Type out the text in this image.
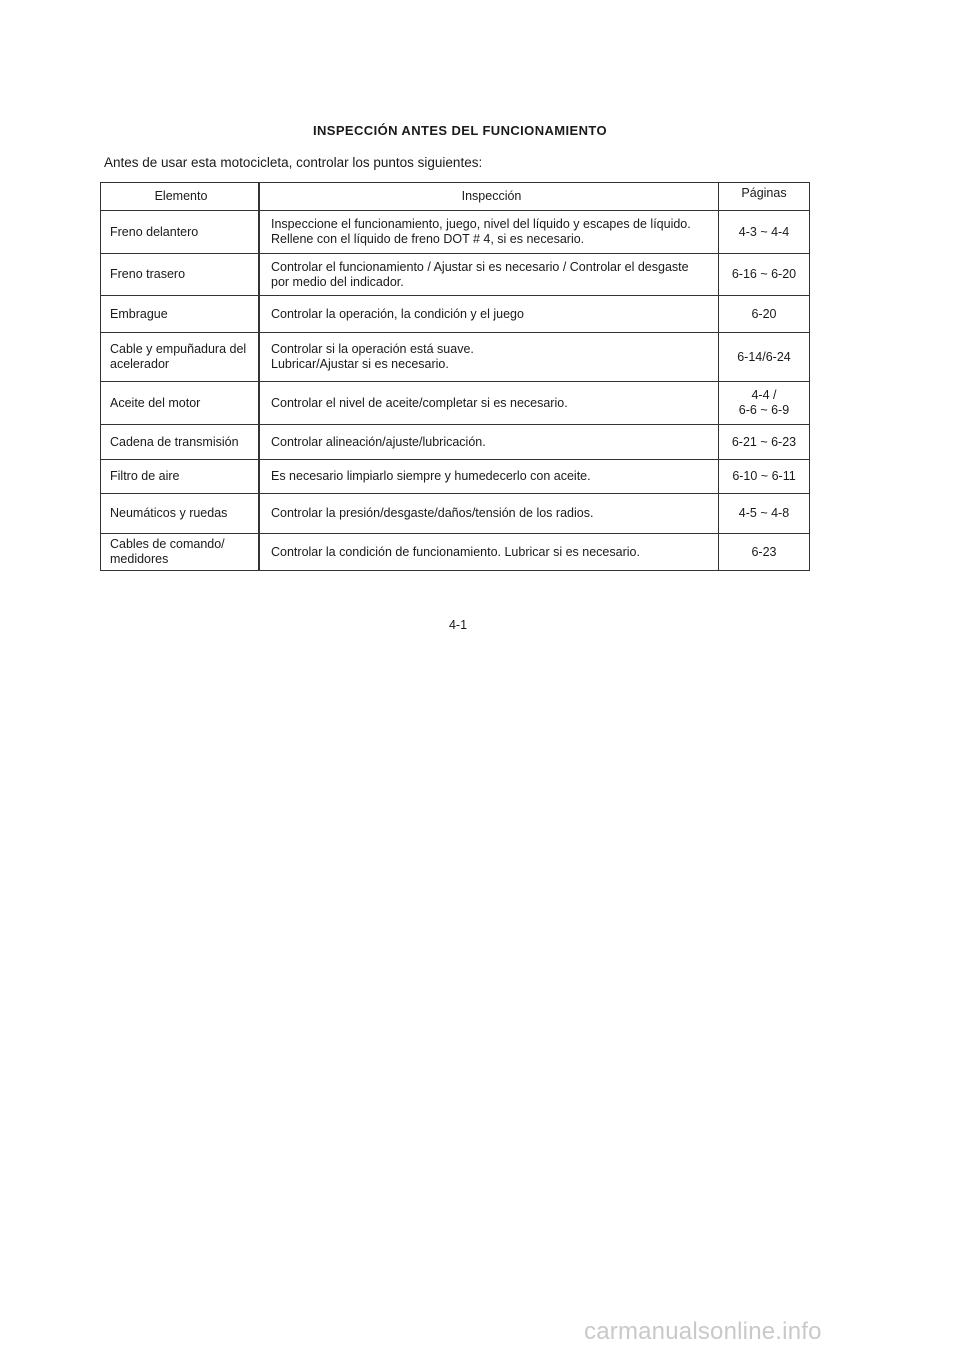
INSPECCIÓN ANTES DEL FUNCIONAMIENTO
Antes de usar esta motocicleta, controlar los puntos siguientes:
Elemento	Inspección	Páginas
Freno delantero	Inspeccione el funcionamiento, juego, nivel del líquido y escapes de líquido.
Rellene con el líquido de freno DOT # 4, si es necesario.	4-3 ~ 4-4
Freno trasero	Controlar el funcionamiento / Ajustar si es necesario / Controlar el desgaste
por medio del indicador.	6-16 ~ 6-20
Embrague	Controlar la operación, la condición y el juego	6-20
Cable y empuñadura del
acelerador	Controlar si la operación está suave.
Lubricar/Ajustar si es necesario.	6-14/6-24
Aceite del motor	Controlar el nivel de aceite/completar si es necesario.	4-4 /
6-6 ~ 6-9
Cadena de transmisión	Controlar alineación/ajuste/lubricación.	6-21 ~ 6-23
Filtro de aire	Es necesario limpiarlo siempre y humedecerlo con aceite.	6-10 ~ 6-11
Neumáticos y ruedas	Controlar la presión/desgaste/daños/tensión de los radios.	4-5 ~ 4-8
Cables de comando/
medidores	Controlar la condición de funcionamiento. Lubricar si es necesario.	6-23
4-1
carmanualsonline.info
